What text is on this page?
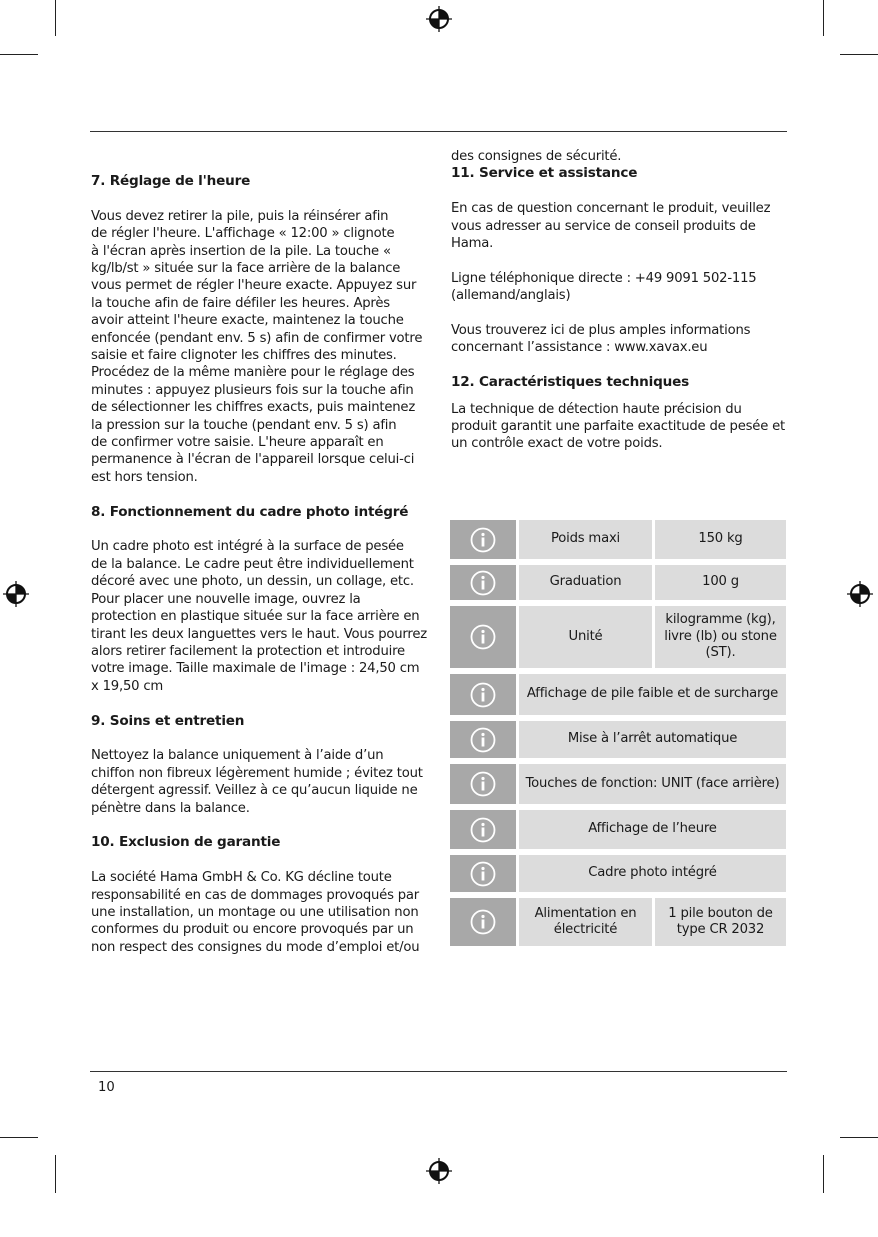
7. Réglage de l'heure

Vous devez retirer la pile, puis la réinsérer afin

de régler l'heure. L'affichage « 12:00 » clignote

à l'écran après insertion de la pile. La touche «

kg/lb/st » située sur la face arrière de la balance

vous permet de régler l'heure exacte. Appuyez sur

la touche afin de faire défiler les heures. Après

avoir atteint l'heure exacte, maintenez la touche

enfoncée (pendant env. 5 s) afin de confirmer votre

saisie et faire clignoter les chiffres des minutes.

Procédez de la même manière pour le réglage des

minutes : appuyez plusieurs fois sur la touche afin

de sélectionner les chiffres exacts, puis maintenez

la pression sur la touche (pendant env. 5 s) afin

de confirmer votre saisie. L'heure apparaît en

permanence à l'écran de l'appareil lorsque celui-ci

est hors tension.

8. Fonctionnement du cadre photo intégré

Un cadre photo est intégré à la surface de pesée

de la balance. Le cadre peut être individuellement

décoré avec une photo, un dessin, un collage, etc.

Pour placer une nouvelle image, ouvrez la

protection en plastique située sur la face arrière en

tirant les deux languettes vers le haut. Vous pourrez

alors retirer facilement la protection et introduire

votre image. Taille maximale de l'image : 24,50 cm

x 19,50 cm

9. Soins et entretien

Nettoyez la balance uniquement à l’aide d’un

chiffon non fibreux légèrement humide ; évitez tout

détergent agressif. Veillez à ce qu’aucun liquide ne

pénètre dans la balance.

10. Exclusion de garantie

La société Hama GmbH & Co. KG décline toute

responsabilité en cas de dommages provoqués par

une installation, un montage ou une utilisation non

conformes du produit ou encore provoqués par un

non respect des consignes du mode d’emploi et/ou

des consignes de sécurité.

11. Service et assistance

En cas de question concernant le produit, veuillez

vous adresser au service de conseil produits de

Hama.

Ligne téléphonique directe : +49 9091 502-115

(allemand/anglais)

Vous trouverez ici de plus amples informations

concernant l’assistance : www.xavax.eu

12. Caractéristiques techniques

La technique de détection haute précision du

produit garantit une parfaite exactitude de pesée et

un contrôle exact de votre poids.

Poids maxi	150 kg
Graduation	100 g
Unité
kilogramme (kg), livre (lb) ou stone (ST).
Affichage de pile faible et de surcharge
Mise à l’arrêt automatique
Touches de fonction: UNIT (face arrière)
Affichage de l’heure
Cadre photo intégré
Alimentation en électricité
1 pile bouton de type CR 2032
10
